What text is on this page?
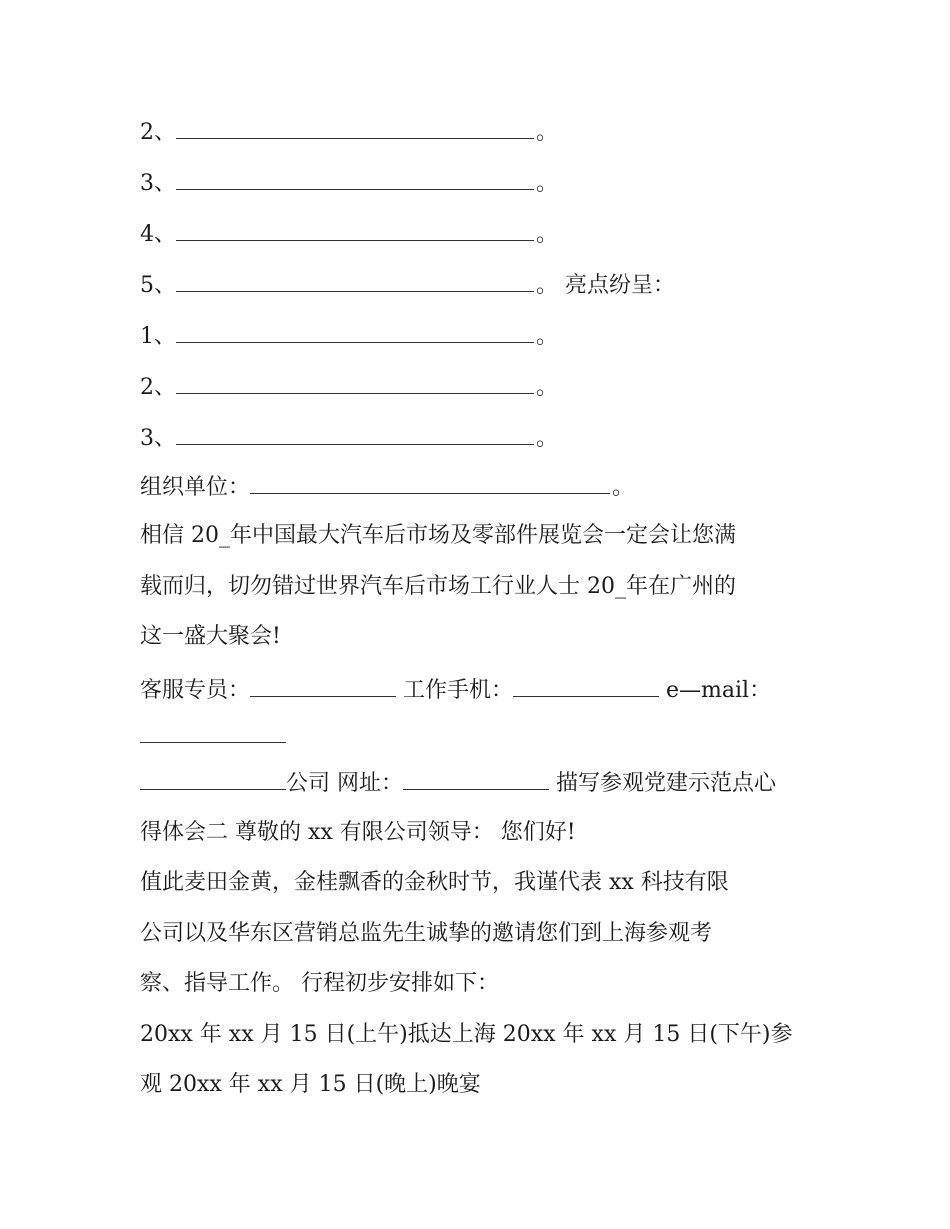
2、	。
3、	。
4、	。
5、	。 亮点纷呈：
1、	。
2、	。
3、	。
组织单位：	。
相信 20_年中国最大汽车后市场及零部件展览会一定会让您满
载而归，切勿错过世界汽车后市场工行业人士 20_年在广州的
这一盛大聚会!
客服专员：	工作手机：	e—mail：
公司 网址：	描写参观党建示范点心
得体会二 尊敬的 xx 有限公司领导： 您们好!
值此麦田金黄，金桂飘香的金秋时节，我谨代表 xx 科技有限
公司以及华东区营销总监先生诚挚的邀请您们到上海参观考
察、指导工作。 行程初步安排如下：
20xx 年 xx 月 15 日(上午)抵达上海 20xx 年 xx 月 15 日(下午)参
观 20xx 年 xx 月 15 日(晚上)晚宴
